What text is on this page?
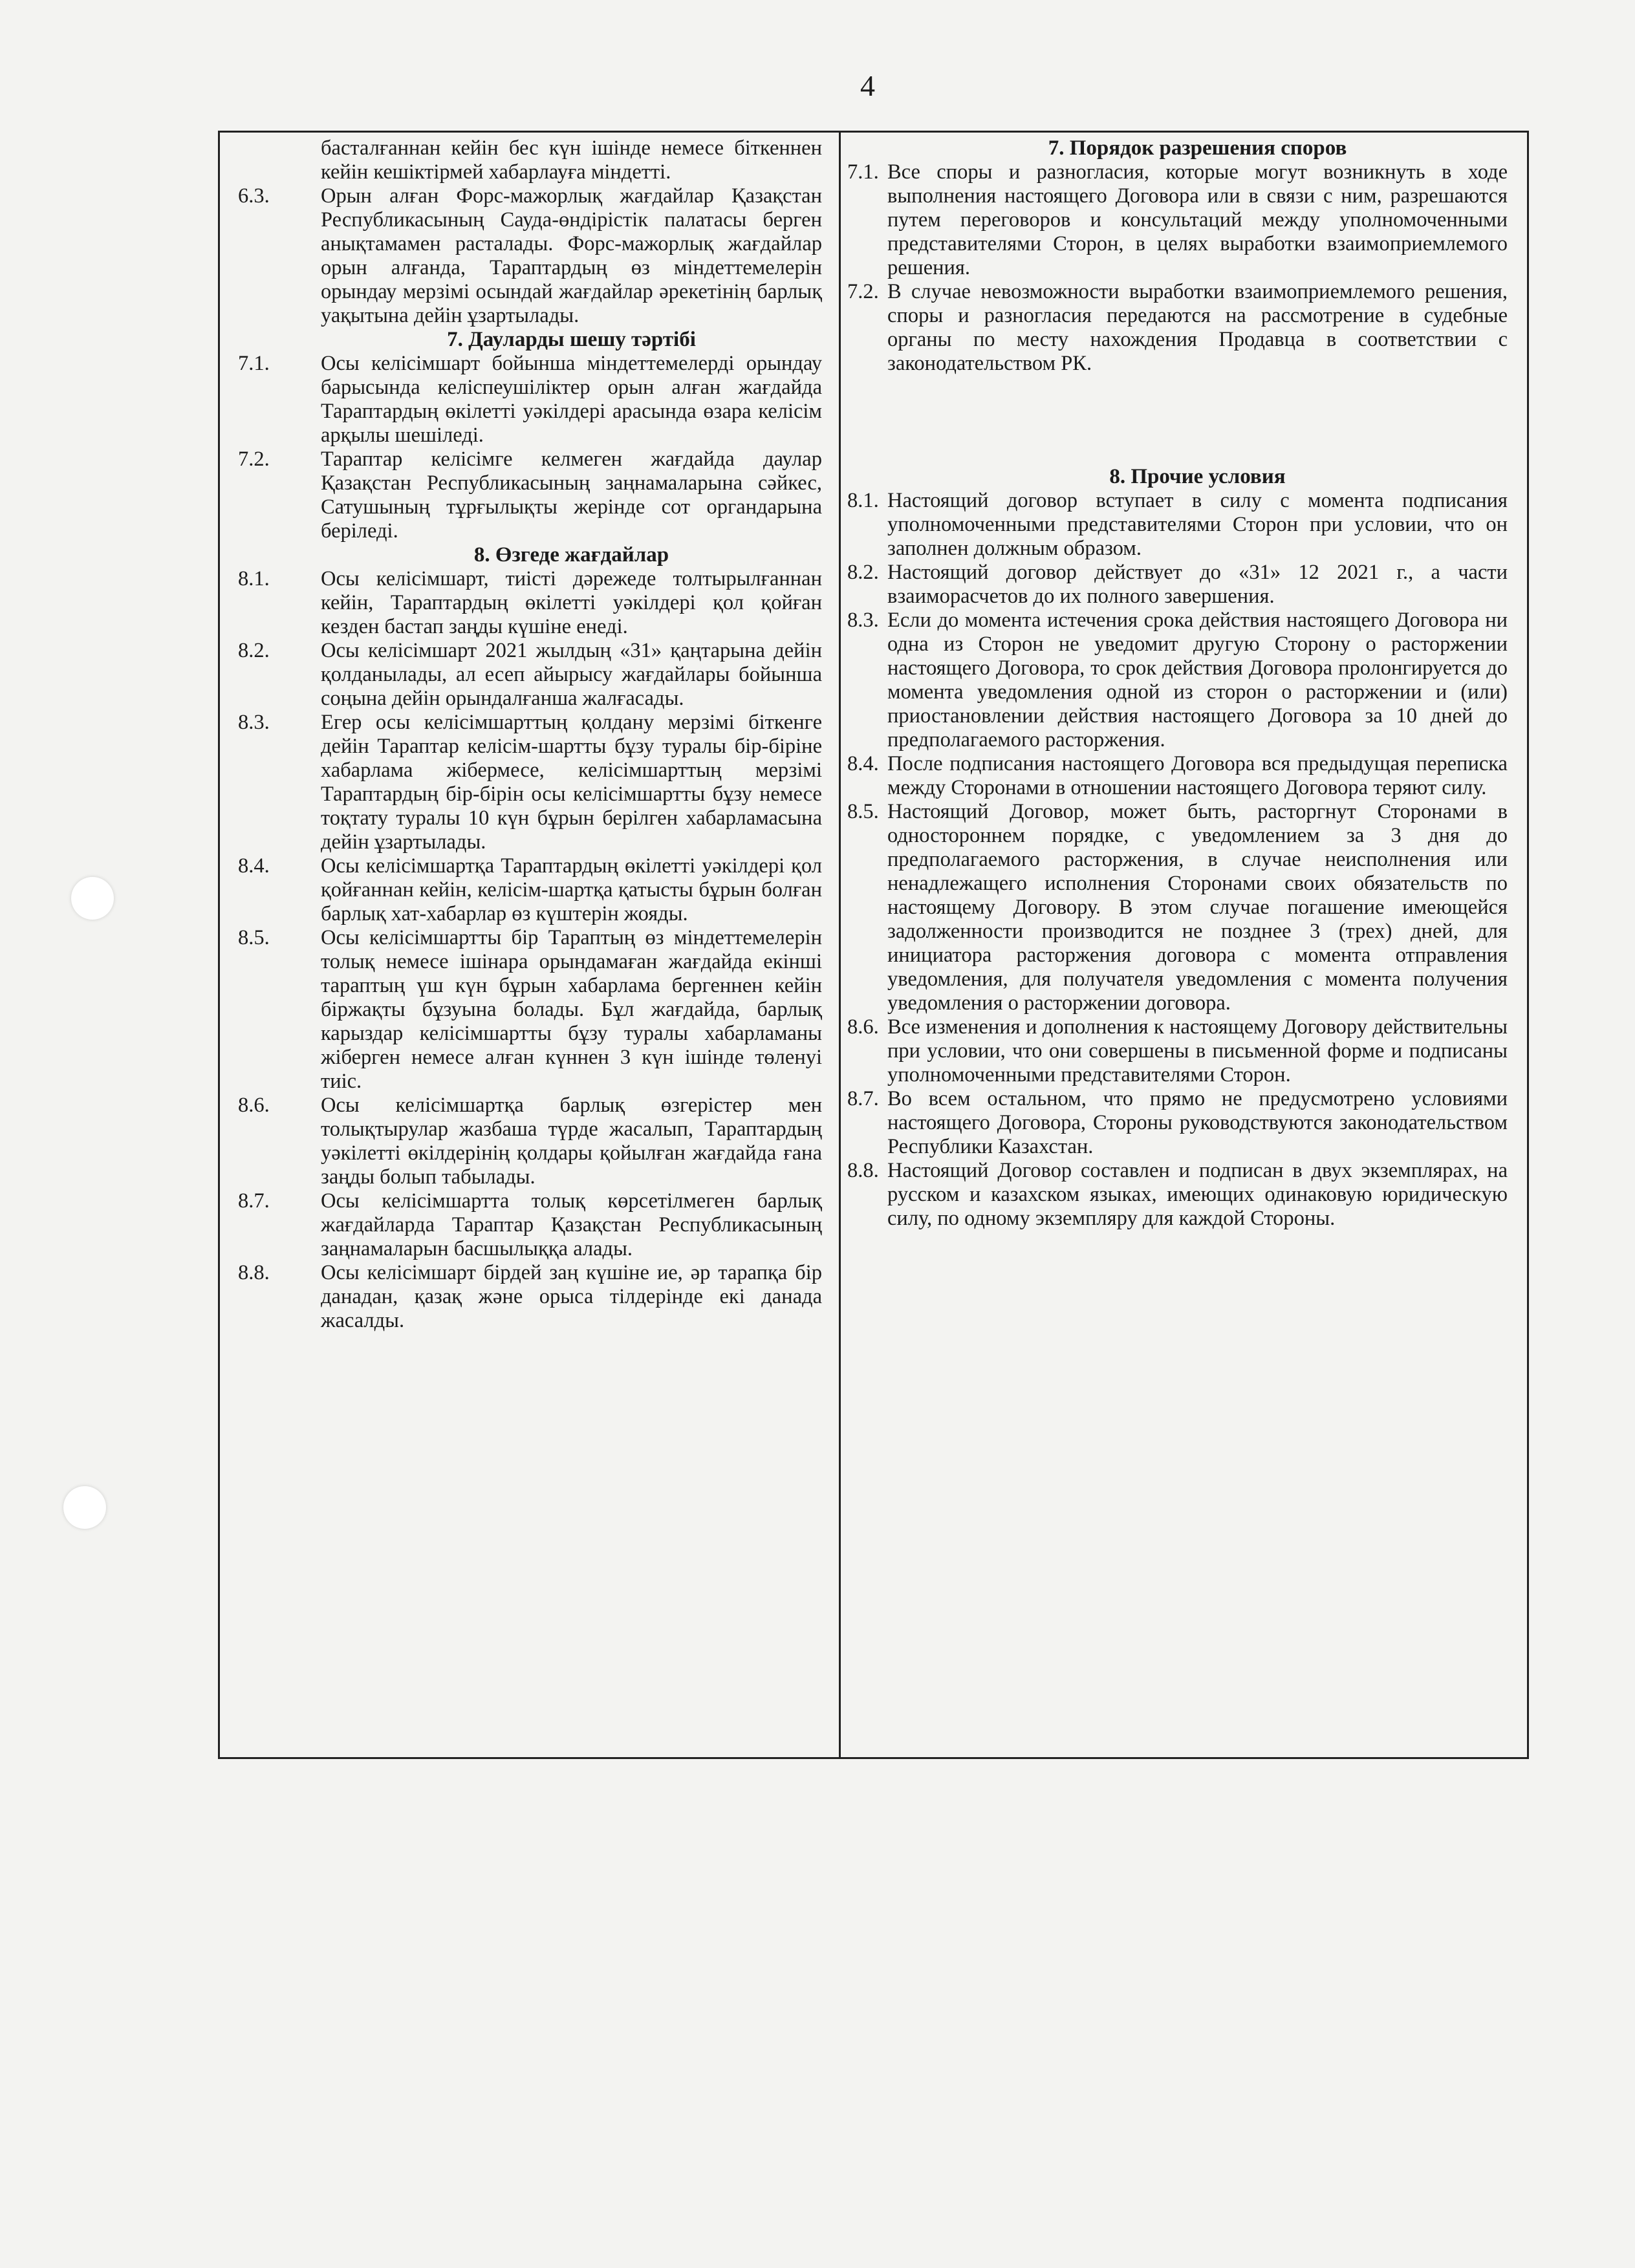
4
басталғаннан кейін бес күн ішінде немесе біткеннен кейін кешіктірмей хабарлауға міндетті.
6.3.	Орын алған Форс-мажорлық жағдайлар Қазақстан Республикасының Сауда-өндірістік палатасы берген анықтамамен расталады. Форс-мажорлық жағдайлар орын алғанда, Тараптардың өз міндеттемелерін орындау мерзімі осындай жағдайлар әрекетінің барлық уақытына дейін ұзартылады.
7. Дауларды шешу тәртібі
7.1.	Осы келісімшарт бойынша міндеттемелерді орындау барысында келіспеушіліктер орын алған жағдайда Тараптардың өкілетті уәкілдері арасында өзара келісім арқылы шешіледі.
7.2.	Тараптар келісімге келмеген жағдайда даулар Қазақстан Республикасының заңнамаларына сәйкес, Сатушының тұрғылықты жерінде сот органдарына беріледі.
8. Өзгеде жағдайлар
8.1.	Осы келісімшарт, тиісті дәрежеде толтырылғаннан кейін, Тараптардың өкілетті уәкілдері қол қойған кезден бастап заңды күшіне енеді.
8.2.	Осы келісімшарт 2021 жылдың «31» қаңтарына дейін қолданылады, ал есеп айырысу жағдайлары бойынша соңына дейін орындалғанша жалғасады.
8.3.	Егер осы келісімшарттың қолдану мерзімі біткенге дейін Тараптар келісім-шартты бұзу туралы бір-біріне хабарлама жібермесе, келісімшарттың мерзімі Тараптардың бір-бірін осы келісімшартты бұзу немесе тоқтату туралы 10 күн бұрын берілген хабарламасына дейін ұзартылады.
8.4.	Осы келісімшартқа Тараптардың өкілетті уәкілдері қол қойғаннан кейін, келісім-шартқа қатысты бұрын болған барлық хат-хабарлар өз күштерін жояды.
8.5.	Осы келісімшартты бір Тараптың өз міндеттемелерін толық немесе ішінара орындамаған жағдайда екінші тараптың үш күн бұрын хабарлама бергеннен кейін біржақты бұзуына болады. Бұл жағдайда, барлық карыздар келісімшартты бұзу туралы хабарламаны жіберген немесе алған күннен 3 күн ішінде төленуі тиіс.
8.6.	Осы келісімшартқа барлық өзгерістер мен толықтырулар жазбаша түрде жасалып, Тараптардың уәкілетті өкілдерінің қолдары қойылған жағдайда ғана заңды болып табылады.
8.7.	Осы келісімшартта толық көрсетілмеген барлық жағдайларда Тараптар Қазақстан Республикасының заңнамаларын басшылыққа алады.
8.8.	Осы келісімшарт бірдей заң күшіне ие, әр тарапқа бір данадан, қазақ және орыса тілдерінде екі данада жасалды.
7. Порядок разрешения споров
7.1. Все споры и разногласия, которые могут возникнуть в ходе выполнения настоящего Договора или в связи с ним, разрешаются путем переговоров и консультаций между уполномоченными представителями Сторон, в целях выработки взаимоприемлемого решения.
7.2. В случае невозможности выработки взаимоприемлемого решения, споры и разногласия передаются на рассмотрение в судебные органы по месту нахождения Продавца в соответствии с законодательством РК.
8. Прочие условия
8.1. Настоящий договор вступает в силу с момента подписания уполномоченными представителями Сторон при условии, что он заполнен должным образом.
8.2. Настоящий договор действует до «31» 12 2021 г., а части взаиморасчетов до их полного завершения.
8.3. Если до момента истечения срока действия настоящего Договора ни одна из Сторон не уведомит другую Сторону о расторжении настоящего Договора, то срок действия Договора пролонгируется до момента уведомления одной из сторон о расторжении и (или) приостановлении действия настоящего Договора за 10 дней до предполагаемого расторжения.
8.4. После подписания настоящего Договора вся предыдущая переписка между Сторонами в отношении настоящего Договора теряют силу.
8.5. Настоящий Договор, может быть, расторгнут Сторонами в одностороннем порядке, с уведомлением за 3 дня до предполагаемого расторжения, в случае неисполнения или ненадлежащего исполнения Сторонами своих обязательств по настоящему Договору. В этом случае погашение имеющейся задолженности производится не позднее 3 (трех) дней, для инициатора расторжения договора с момента отправления уведомления, для получателя уведомления с момента получения уведомления о расторжении договора.
8.6. Все изменения и дополнения к настоящему Договору действительны при условии, что они совершены в письменной форме и подписаны уполномоченными представителями Сторон.
8.7. Во всем остальном, что прямо не предусмотрено условиями настоящего Договора, Стороны руководствуются законодательством Республики Казахстан.
8.8. Настоящий Договор составлен и подписан в двух экземплярах, на русском и казахском языках, имеющих одинаковую юридическую силу, по одному экземпляру для каждой Стороны.
